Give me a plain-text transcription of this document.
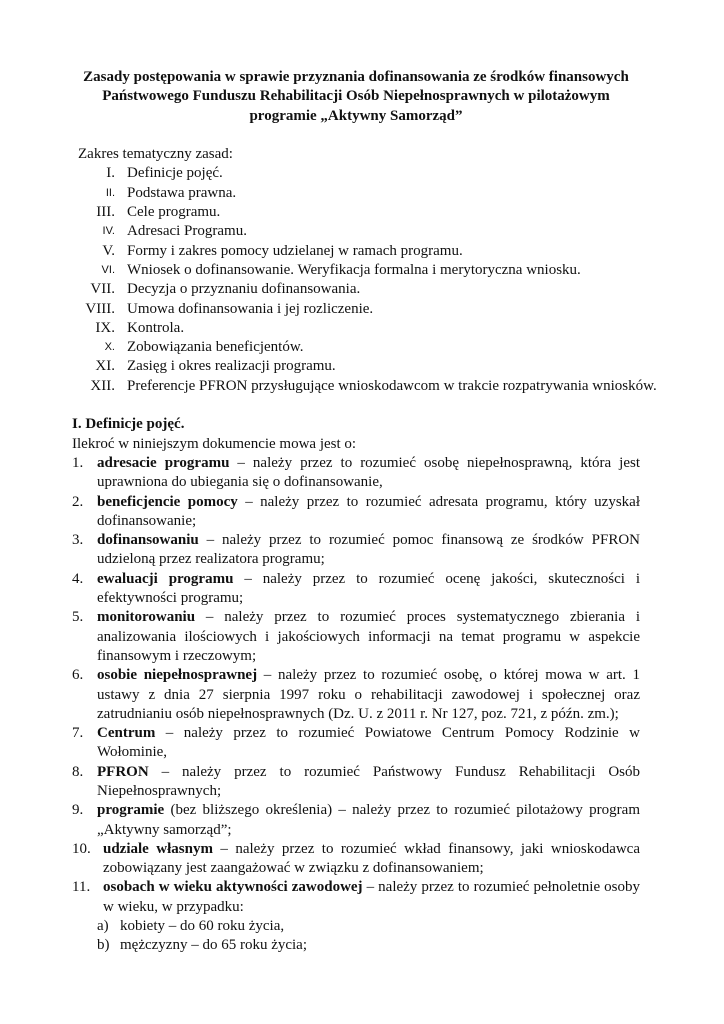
Zasady postępowania w sprawie przyznania dofinansowania ze środków finansowych
Państwowego Funduszu Rehabilitacji Osób Niepełnosprawnych w pilotażowym
programie „Aktywny Samorząd”
Zakres tematyczny zasad:
I. Definicje pojęć.
II. Podstawa prawna.
III. Cele programu.
IV. Adresaci Programu.
V. Formy i zakres pomocy udzielanej w ramach programu.
VI. Wniosek o dofinansowanie. Weryfikacja formalna i merytoryczna wniosku.
VII. Decyzja o przyznaniu dofinansowania.
VIII. Umowa dofinansowania i jej rozliczenie.
IX. Kontrola.
X. Zobowiązania beneficjentów.
XI. Zasięg i okres realizacji programu.
XII. Preferencje PFRON przysługujące wnioskodawcom w trakcie rozpatrywania wniosków.
I. Definicje pojęć.
Ilekroć w niniejszym dokumencie mowa jest o:
1. adresacie programu – należy przez to rozumieć osobę niepełnosprawną, która jest uprawniona do ubiegania się o dofinansowanie,
2. beneficjencie pomocy – należy przez to rozumieć adresata programu, który uzyskał dofinansowanie;
3. dofinansowaniu – należy przez to rozumieć pomoc finansową ze środków PFRON udzieloną przez realizatora programu;
4. ewaluacji programu – należy przez to rozumieć ocenę jakości, skuteczności i efektywności programu;
5. monitorowaniu – należy przez to rozumieć proces systematycznego zbierania i analizowania ilościowych i jakościowych informacji na temat programu w aspekcie finansowym i rzeczowym;
6. osobie niepełnosprawnej – należy przez to rozumieć osobę, o której mowa w art. 1 ustawy z dnia 27 sierpnia 1997 roku o rehabilitacji zawodowej i społecznej oraz zatrudnianiu osób niepełnosprawnych (Dz. U. z 2011 r. Nr 127, poz. 721, z późn. zm.);
7. Centrum – należy przez to rozumieć Powiatowe Centrum Pomocy Rodzinie w Wołominie,
8. PFRON – należy przez to rozumieć Państwowy Fundusz Rehabilitacji Osób Niepełnosprawnych;
9. programie (bez bliższego określenia) – należy przez to rozumieć pilotażowy program „Aktywny samorząd”;
10. udziale własnym – należy przez to rozumieć wkład finansowy, jaki wnioskodawca zobowiązany jest zaangażować w związku z dofinansowaniem;
11. osobach w wieku aktywności zawodowej – należy przez to rozumieć pełnoletnie osoby w wieku, w przypadku:
a) kobiety – do 60 roku życia,
b) mężczyzny – do 65 roku życia;
